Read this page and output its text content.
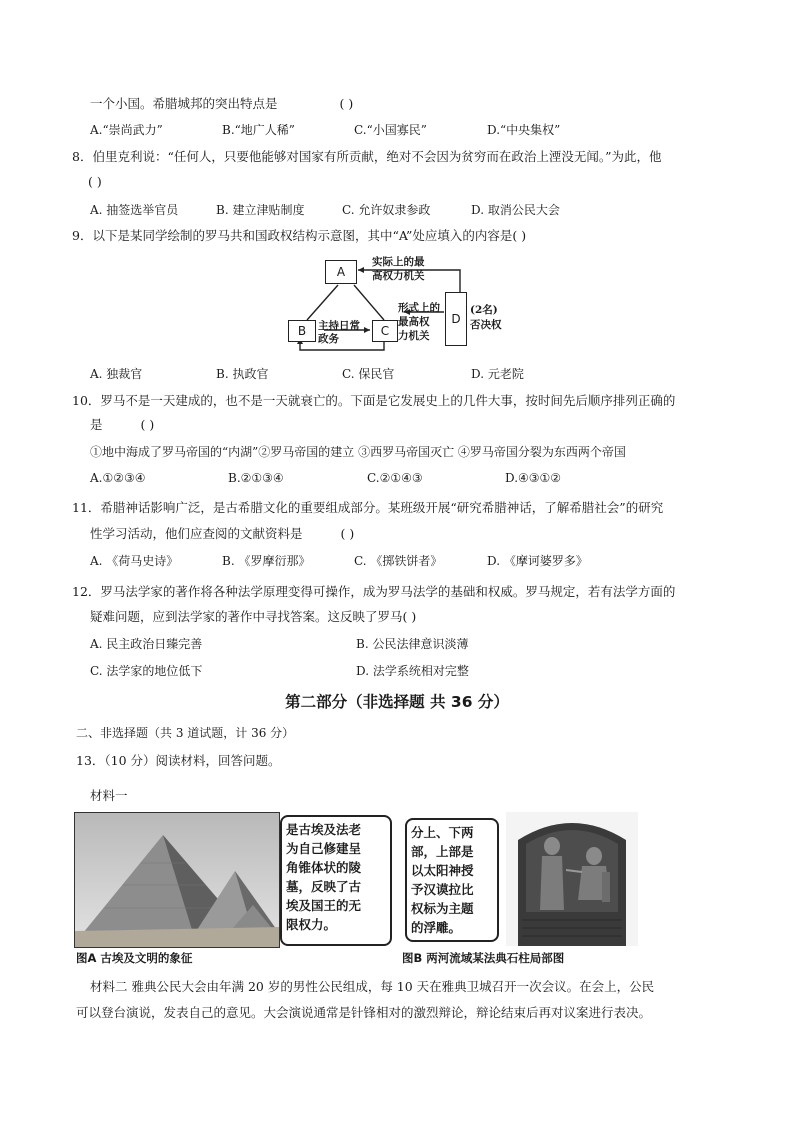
一个小国。希腊城邦的突出特点是	( )
A.“崇尚武力”	B.“地广人稀”	C.“小国寡民”	D.“中央集权”
8．伯里克利说：“任何人，只要他能够对国家有所贡献，绝对不会因为贫穷而在政治上湮没无闻。”为此，他
( )
A. 抽签选举官员	B. 建立津贴制度	C. 允许奴隶参政	D. 取消公民大会
9．以下是某同学绘制的罗马共和国政权结构示意图，其中“A”处应填入的内容是( )
A
B	C
D
实际上的最
高权力机关
主持日常
政务
形式上的
最高权
力机关
(2名)
否决权
A. 独裁官	B. 执政官	C. 保民官	D. 元老院
10．罗马不是一天建成的，也不是一天就衰亡的。下面是它发展史上的几件大事，按时间先后顺序排列正确的
是	( )
①地中海成了罗马帝国的“内湖”②罗马帝国的建立 ③西罗马帝国灭亡 ④罗马帝国分裂为东西两个帝国
A.①②③④	B.②①③④	C.②①④③	D.④③①②
11．希腊神话影响广泛，是古希腊文化的重要组成部分。某班级开展“研究希腊神话，了解希腊社会”的研究
性学习活动，他们应查阅的文献资料是	( )
A. 《荷马史诗》	B. 《罗摩衍那》	C. 《掷铁饼者》	D. 《摩诃婆罗多》
12．罗马法学家的著作将各种法学原理变得可操作，成为罗马法学的基础和权威。罗马规定，若有法学方面的
疑难问题，应到法学家的著作中寻找答案。这反映了罗马( )
A. 民主政治日臻完善	B. 公民法律意识淡薄
C. 法学家的地位低下	D. 法学系统相对完整
第二部分（非选择题 共 36 分）
二、非选择题（共 3 道试题，计 36 分）
13．（10 分）阅读材料，回答问题。
材料一
是古埃及法老
为自己修建呈
角锥体状的陵
墓，反映了古
埃及国王的无
限权力。
图A 古埃及文明的象征
分上、下两
部，上部是
以太阳神授
予汉谟拉比
权标为主题
的浮雕。
图B 两河流域某法典石柱局部图
材料二 雅典公民大会由年满 20 岁的男性公民组成，每 10 天在雅典卫城召开一次会议。在会上，公民
可以登台演说，发表自己的意见。大会演说通常是针锋相对的激烈辩论，辩论结束后再对议案进行表决。
